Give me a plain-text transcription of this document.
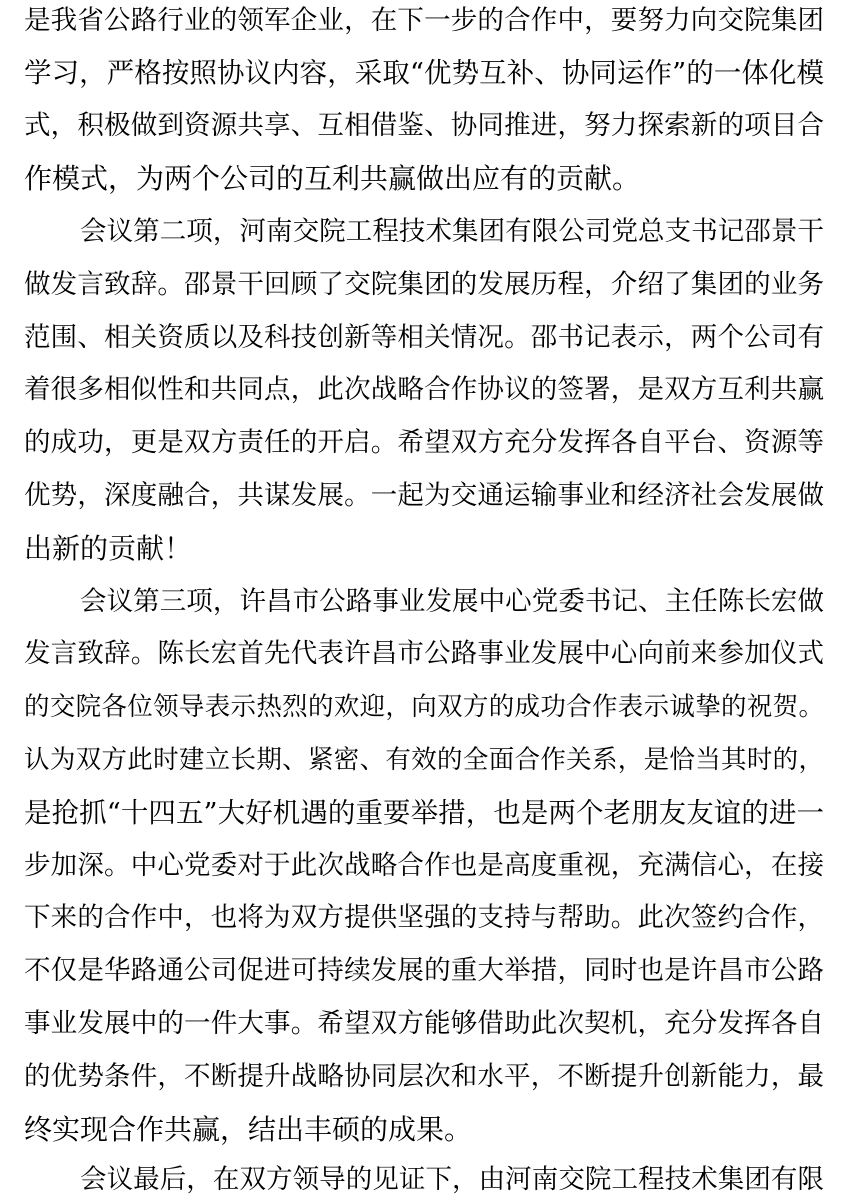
是我省公路行业的领军企业，在下一步的合作中，要努力向交院集团
学习，严格按照协议内容，采取“优势互补、协同运作”的一体化模
式，积极做到资源共享、互相借鉴、协同推进，努力探索新的项目合
作模式，为两个公司的互利共赢做出应有的贡献。
会议第二项，河南交院工程技术集团有限公司党总支书记邵景干
做发言致辞。邵景干回顾了交院集团的发展历程，介绍了集团的业务
范围、相关资质以及科技创新等相关情况。邵书记表示，两个公司有
着很多相似性和共同点，此次战略合作协议的签署，是双方互利共赢
的成功，更是双方责任的开启。希望双方充分发挥各自平台、资源等
优势，深度融合，共谋发展。一起为交通运输事业和经济社会发展做
出新的贡献！
会议第三项，许昌市公路事业发展中心党委书记、主任陈长宏做
发言致辞。陈长宏首先代表许昌市公路事业发展中心向前来参加仪式
的交院各位领导表示热烈的欢迎，向双方的成功合作表示诚挚的祝贺。
认为双方此时建立长期、紧密、有效的全面合作关系，是恰当其时的，
是抢抓“十四五”大好机遇的重要举措，也是两个老朋友友谊的进一
步加深。中心党委对于此次战略合作也是高度重视，充满信心，在接
下来的合作中，也将为双方提供坚强的支持与帮助。此次签约合作，
不仅是华路通公司促进可持续发展的重大举措，同时也是许昌市公路
事业发展中的一件大事。希望双方能够借助此次契机，充分发挥各自
的优势条件，不断提升战略协同层次和水平，不断提升创新能力，最
终实现合作共赢，结出丰硕的成果。
会议最后，在双方领导的见证下，由河南交院工程技术集团有限
